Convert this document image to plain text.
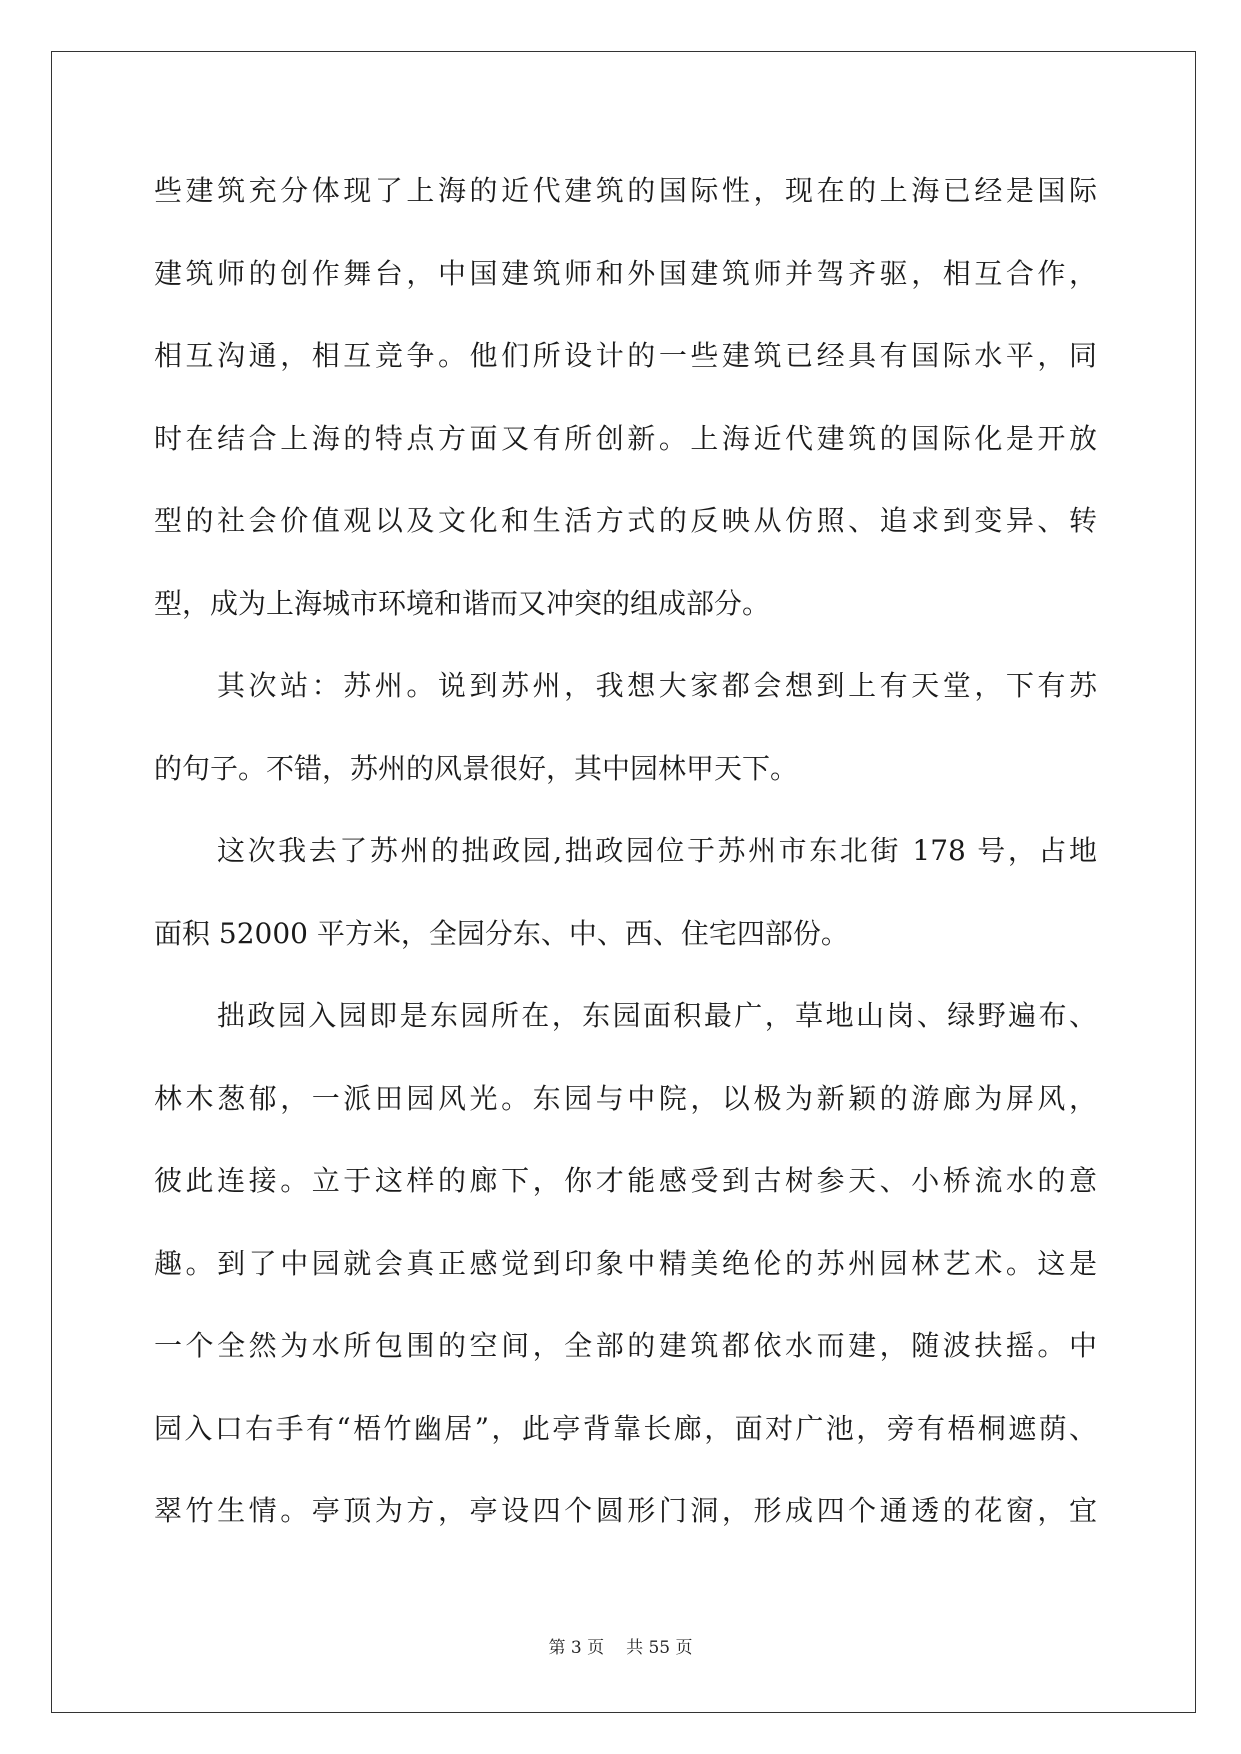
些建筑充分体现了上海的近代建筑的国际性，现在的上海已经是国际
建筑师的创作舞台，中国建筑师和外国建筑师并驾齐驱，相互合作，
相互沟通，相互竞争。他们所设计的一些建筑已经具有国际水平，同
时在结合上海的特点方面又有所创新。上海近代建筑的国际化是开放
型的社会价值观以及文化和生活方式的反映从仿照、追求到变异、转
型，成为上海城市环境和谐而又冲突的组成部分。
其次站：苏州。说到苏州，我想大家都会想到上有天堂，下有苏
的句子。不错，苏州的风景很好，其中园林甲天下。
这次我去了苏州的拙政园,拙政园位于苏州市东北街 178 号，占地
面积 52000 平方米，全园分东、中、西、住宅四部份。
拙政园入园即是东园所在，东园面积最广，草地山岗、绿野遍布、
林木葱郁，一派田园风光。东园与中院，以极为新颖的游廊为屏风，
彼此连接。立于这样的廊下，你才能感受到古树参天、小桥流水的意
趣。到了中园就会真正感觉到印象中精美绝伦的苏州园林艺术。这是
一个全然为水所包围的空间，全部的建筑都依水而建，随波扶摇。中
园入口右手有“梧竹幽居”，此亭背靠长廊，面对广池，旁有梧桐遮荫、
翠竹生情。亭顶为方，亭设四个圆形门洞，形成四个通透的花窗，宜
第 3 页 共 55 页
